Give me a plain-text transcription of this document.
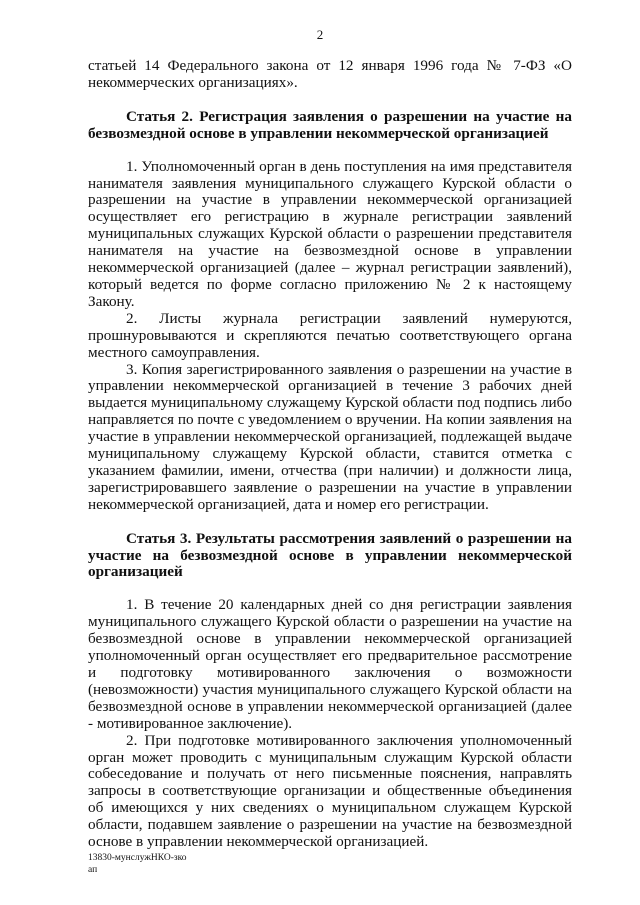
2

статьей 14 Федерального закона от 12 января 1996 года № 7-ФЗ «О некоммерческих организациях».

Статья 2. Регистрация заявления о разрешении на участие на безвозмездной основе в управлении некоммерческой организацией

1. Уполномоченный орган в день поступления на имя представителя нанимателя заявления муниципального служащего Курской области о разрешении на участие в управлении некоммерческой организацией осуществляет его регистрацию в журнале регистрации заявлений муниципальных служащих Курской области о разрешении представителя нанимателя на участие на безвозмездной основе в управлении некоммерческой организацией (далее – журнал регистрации заявлений), который ведется по форме согласно приложению № 2 к настоящему Закону.

2. Листы журнала регистрации заявлений нумеруются, прошнуровываются и скрепляются печатью соответствующего органа местного самоуправления.

3. Копия зарегистрированного заявления о разрешении на участие в управлении некоммерческой организацией в течение 3 рабочих дней выдается муниципальному служащему Курской области под подпись либо направляется по почте с уведомлением о вручении. На копии заявления на участие в управлении некоммерческой организацией, подлежащей выдаче муниципальному служащему Курской области, ставится отметка с указанием фамилии, имени, отчества (при наличии) и должности лица, зарегистрировавшего заявление о разрешении на участие в управлении некоммерческой организацией, дата и номер его регистрации.

Статья 3. Результаты рассмотрения заявлений о разрешении на участие на безвозмездной основе в управлении некоммерческой организацией

1. В течение 20 календарных дней со дня регистрации заявления муниципального служащего Курской области о разрешении на участие на безвозмездной основе в управлении некоммерческой организацией уполномоченный орган осуществляет его предварительное рассмотрение и подготовку мотивированного заключения о возможности (невозможности) участия муниципального служащего Курской области на безвозмездной основе в управлении некоммерческой организацией (далее - мотивированное заключение).

2. При подготовке мотивированного заключения уполномоченный орган может проводить с муниципальным служащим Курской области собеседование и получать от него письменные пояснения, направлять запросы в соответствующие организации и общественные объединения об имеющихся у них сведениях о муниципальном служащем Курской области, подавшем заявление о разрешении на участие на безвозмездной основе в управлении некоммерческой организацией.

13830-мунслужНКО-зко
ап
